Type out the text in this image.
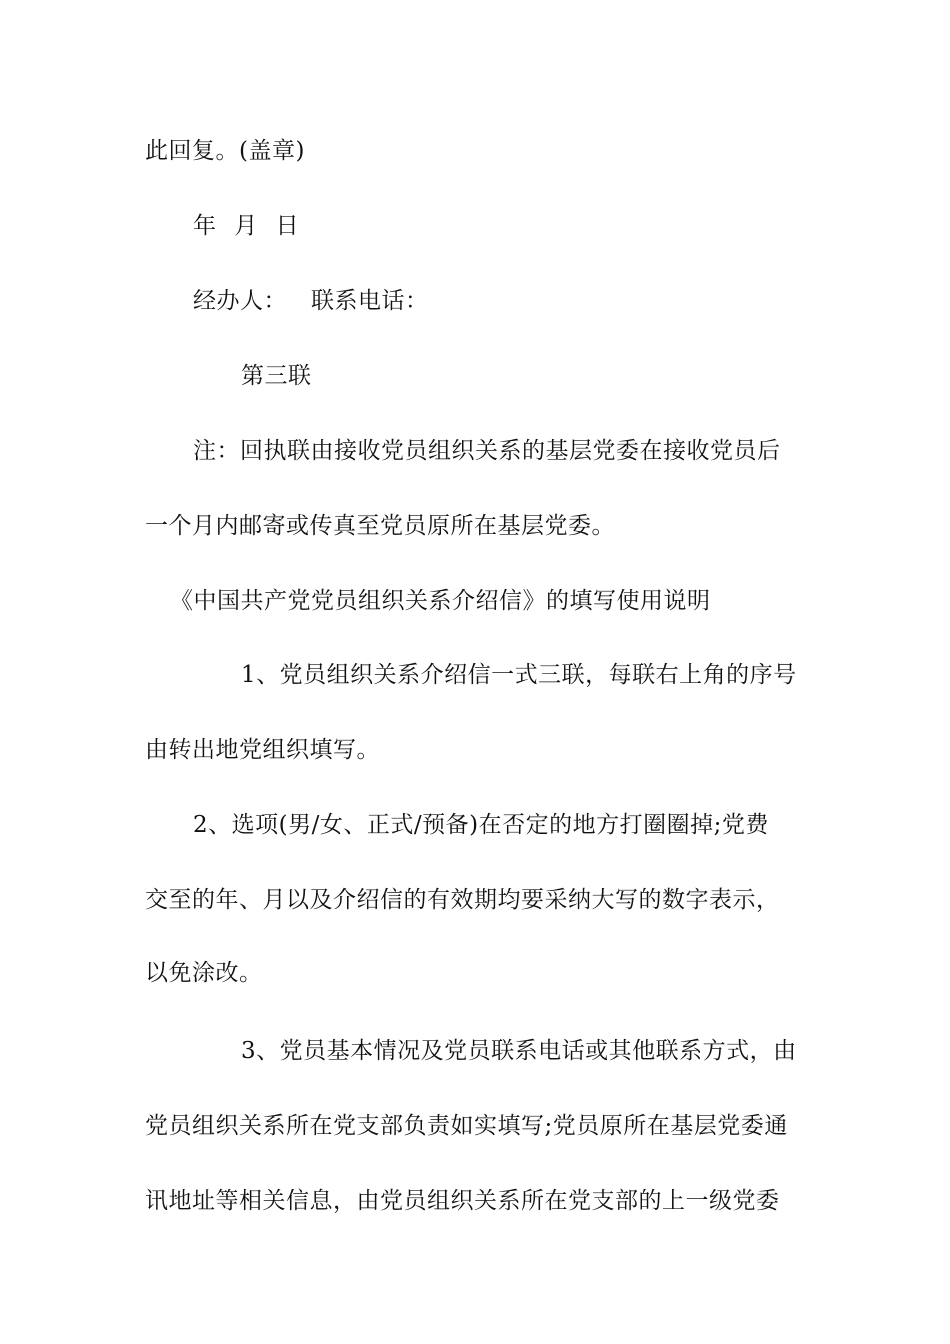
此回复。(盖章)
年 月 日
经办人： 联系电话：
第三联
注：回执联由接收党员组织关系的基层党委在接收党员后
一个月内邮寄或传真至党员原所在基层党委。
《中国共产党党员组织关系介绍信》的填写使用说明
1、党员组织关系介绍信一式三联，每联右上角的序号
由转出地党组织填写。
2、选项(男/女、正式/预备)在否定的地方打圈圈掉;党费
交至的年、月以及介绍信的有效期均要采纳大写的数字表示，
以免涂改。
3、党员基本情况及党员联系电话或其他联系方式，由
党员组织关系所在党支部负责如实填写;党员原所在基层党委通
讯地址等相关信息，由党员组织关系所在党支部的上一级党委
